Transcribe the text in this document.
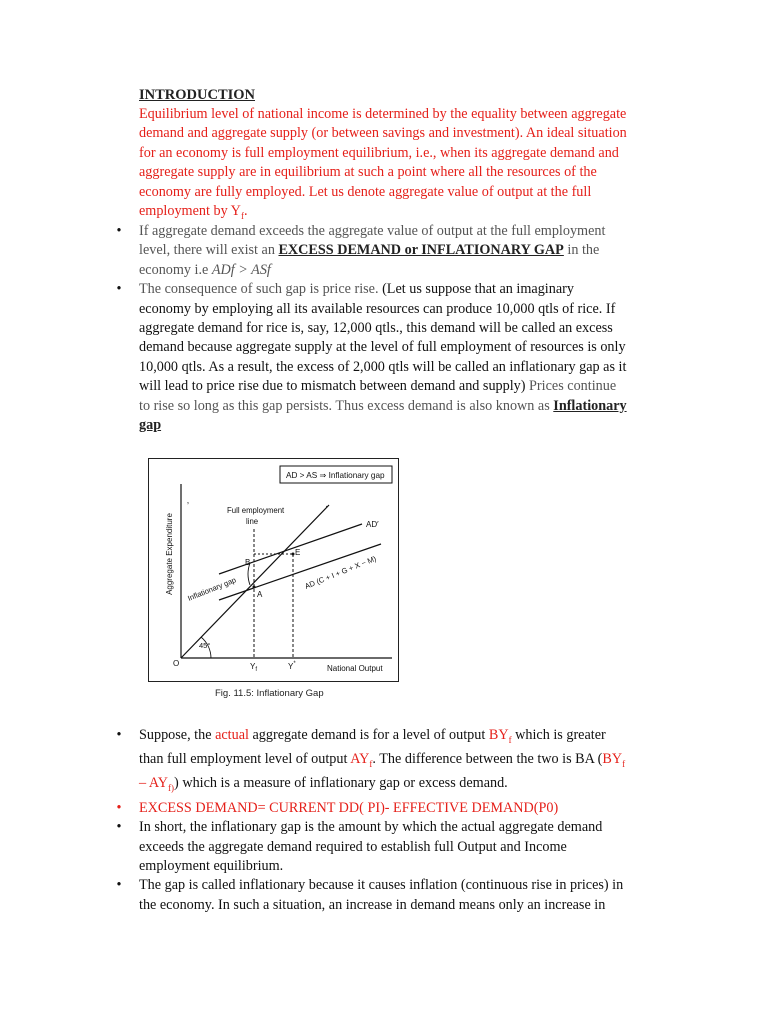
INTRODUCTION
Equilibrium level of national income is determined by the equality between aggregate
demand and aggregate supply (or between savings and investment). An ideal situation
for an economy is full employment equilibrium, i.e., when its aggregate demand and
aggregate supply are in equilibrium at such a point where all the resources of the
economy are fully employed. Let us denote aggregate value of output at the full
employment by $Y_f$.
•	If aggregate demand exceeds the aggregate value of output at the full employment
level, there will exist an EXCESS DEMAND or INFLATIONARY GAP in the
economy i.e ADf > ASf
•	The consequence of such gap is price rise. (Let us suppose that an imaginary
economy by employing all its available resources can produce 10,000 qtls of rice. If
aggregate demand for rice is, say, 12,000 qtls., this demand will be called an excess
demand because aggregate supply at the level of full employment of resources is only
10,000 qtls. As a result, the excess of 2,000 qtls will be called an inflationary gap as it
will lead to price rise due to mismatch between demand and supply) Prices continue
to rise so long as this gap persists. Thus excess demand is also known as Inflationary
gap
AD > AS ⇒ Inflationary gap
Aggregate Expenditure
National Output
O
45°
AD′
AD (C + I + G + X − M)
Full employment
line
Inflationary gap
B
E
A
$Y_f$	Y*
ʼ	·
Fig. 11.5: Inflationary Gap
•	Suppose, the actual aggregate demand is for a level of output $BY_f$ which is greater
than full employment level of output $AY_f$. The difference between the two is BA ($BY_f$
– $AY_{f)}$) which is a measure of inflationary gap or excess demand.
•	EXCESS DEMAND= CURRENT DD( PI)- EFFECTIVE DEMAND(P0)
•	In short, the inflationary gap is the amount by which the actual aggregate demand
exceeds the aggregate demand required to establish full Output and Income
employment equilibrium.
•	The gap is called inflationary because it causes inflation (continuous rise in prices) in
the economy. In such a situation, an increase in demand means only an increase in
